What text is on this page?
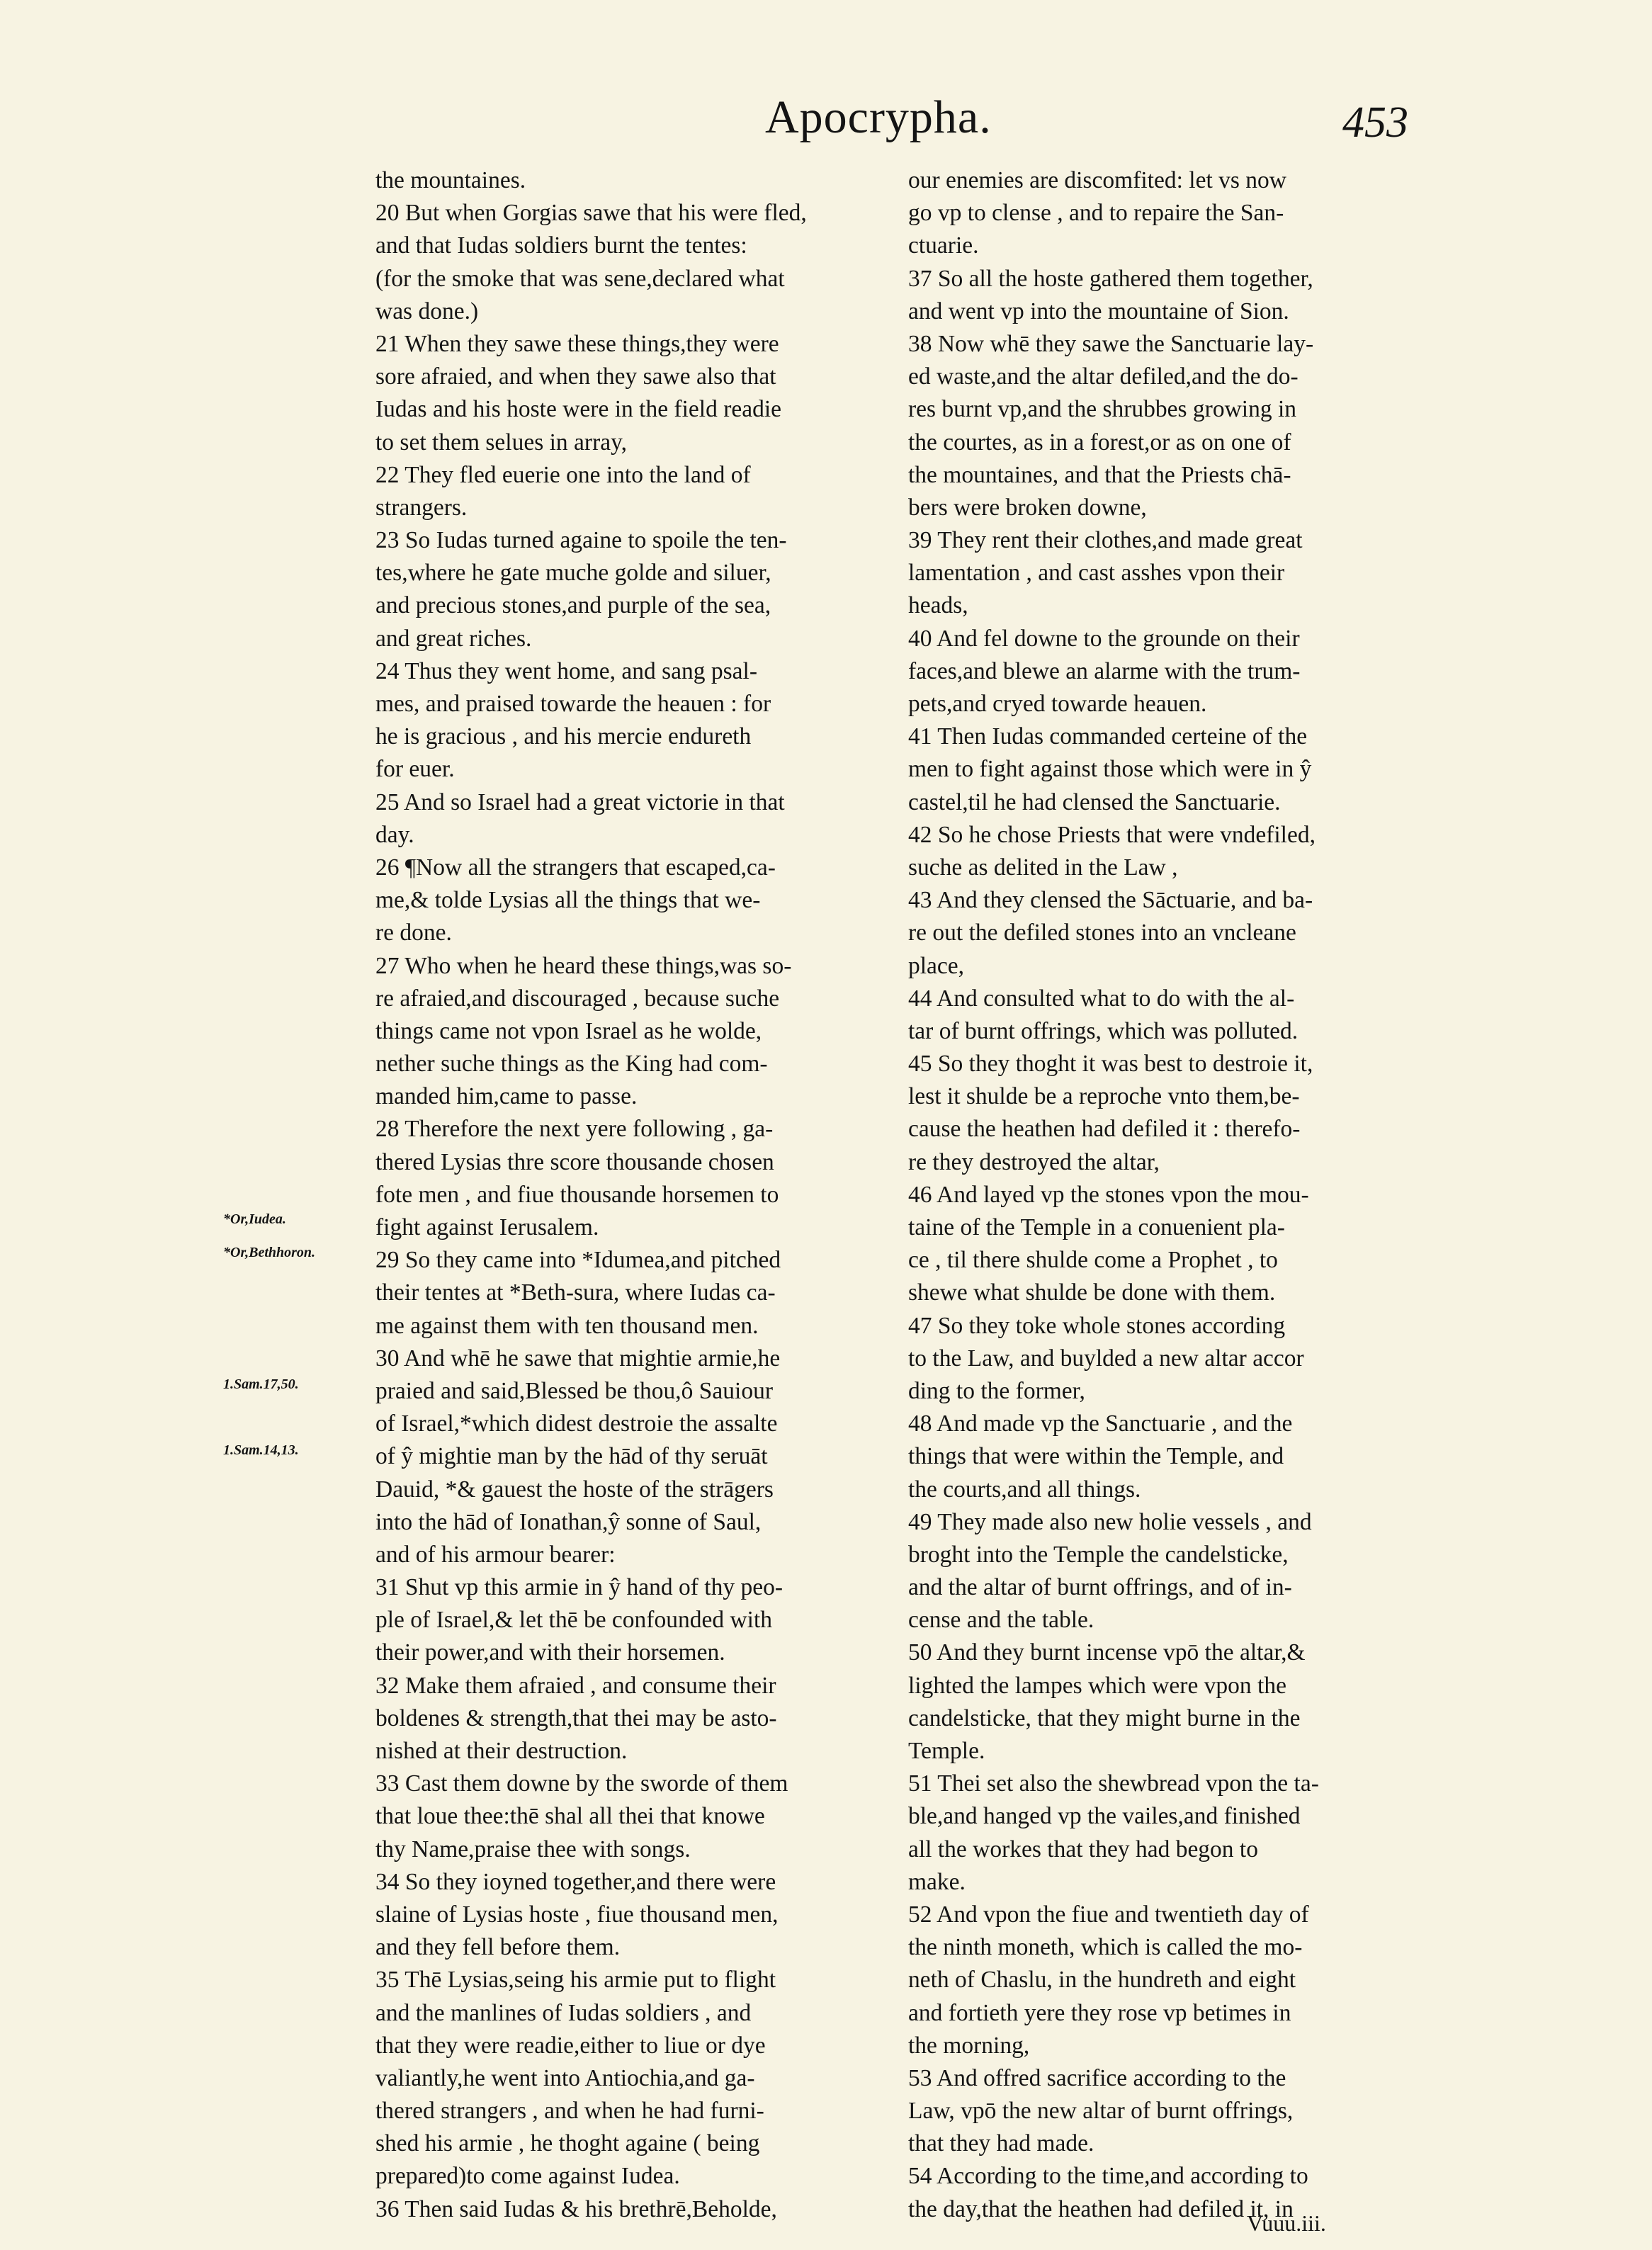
Apocrypha.	453
the mountaines.
20 But when Gorgias sawe that his were fled,
and that Iudas soldiers burnt the tentes:
(for the smoke that was sene,declared what
was done.)
21 When they sawe these things,they were
sore afraied, and when they sawe also that
Iudas and his hoste were in the field readie
to set them selues in array,
22 They fled euerie one into the land of
strangers.
23 So Iudas turned againe to spoile the ten-
tes,where he gate muche golde and siluer,
and precious stones,and purple of the sea,
and great riches.
24 Thus they went home, and sang psal-
mes, and praised towarde the heauen : for
he is gracious , and his mercie endureth
for euer.
25 And so Israel had a great victorie in that
day.
26 ¶Now all the strangers that escaped,ca-
me,& tolde Lysias all the things that we-
re done.
27 Who when he heard these things,was so-
re afraied,and discouraged , because suche
things came not vpon Israel as he wolde,
nether suche things as the King had com-
manded him,came to passe.
28 Therefore the next yere following , ga-
thered Lysias thre score thousande chosen
fote men , and fiue thousande horsemen to
fight against Ierusalem.
29 So they came into *Idumea,and pitched
their tentes at *Beth-sura, where Iudas ca-
me against them with ten thousand men.
30 And whē he sawe that mightie armie,he
praied and said,Blessed be thou,ô Sauiour
of Israel,*which didest destroie the assalte
of ŷ mightie man by the hād of thy seruāt
Dauid, *& gauest the hoste of the strāgers
into the hād of Ionathan,ŷ sonne of Saul,
and of his armour bearer:
31 Shut vp this armie in ŷ hand of thy peo-
ple of Israel,& let thē be confounded with
their power,and with their horsemen.
32 Make them afraied , and consume their
boldenes & strength,that thei may be asto-
nished at their destruction.
33 Cast them downe by the sworde of them
that loue thee:thē shal all thei that knowe
thy Name,praise thee with songs.
34 So they ioyned together,and there were
slaine of Lysias hoste , fiue thousand men,
and they fell before them.
35 Thē Lysias,seing his armie put to flight
and the manlines of Iudas soldiers , and
that they were readie,either to liue or dye
valiantly,he went into Antiochia,and ga-
thered strangers , and when he had furni-
shed his armie , he thoght againe ( being
prepared)to come against Iudea.
36 Then said Iudas & his brethrē,Beholde,
our enemies are discomfited: let vs now
go vp to clense , and to repaire the San-
ctuarie.
37 So all the hoste gathered them together,
and went vp into the mountaine of Sion.
38 Now whē they sawe the Sanctuarie lay-
ed waste,and the altar defiled,and the do-
res burnt vp,and the shrubbes growing in
the courtes, as in a forest,or as on one of
the mountaines, and that the Priests chā-
bers were broken downe,
39 They rent their clothes,and made great
lamentation , and cast asshes vpon their
heads,
40 And fel downe to the grounde on their
faces,and blewe an alarme with the trum-
pets,and cryed towarde heauen.
41 Then Iudas commanded certeine of the
men to fight against those which were in ŷ
castel,til he had clensed the Sanctuarie.
42 So he chose Priests that were vndefiled,
suche as delited in the Law ,
43 And they clensed the Sāctuarie, and ba-
re out the defiled stones into an vncleane
place,
44 And consulted what to do with the al-
tar of burnt offrings, which was polluted.
45 So they thoght it was best to destroie it,
lest it shulde be a reproche vnto them,be-
cause the heathen had defiled it : therefo-
re they destroyed the altar,
46 And layed vp the stones vpon the mou-
taine of the Temple in a conuenient pla-
ce , til there shulde come a Prophet , to
shewe what shulde be done with them.
47 So they toke whole stones according
to the Law, and buylded a new altar accor
ding to the former,
48 And made vp the Sanctuarie , and the
things that were within the Temple, and
the courts,and all things.
49 They made also new holie vessels , and
broght into the Temple the candelsticke,
and the altar of burnt offrings, and of in-
cense and the table.
50 And they burnt incense vpō the altar,&
lighted the lampes which were vpon the
candelsticke, that they might burne in the
Temple.
51 Thei set also the shewbread vpon the ta-
ble,and hanged vp the vailes,and finished
all the workes that they had begon to
make.
52 And vpon the fiue and twentieth day of
the ninth moneth, which is called the mo-
neth of Chaslu, in the hundreth and eight
and fortieth yere they rose vp betimes in
the morning,
53 And offred sacrifice according to the
Law, vpō the new altar of burnt offrings,
that they had made.
54 According to the time,and according to
the day,that the heathen had defiled it, in
*Or,Iudea.
*Or,Bethhoron.
1.Sam.17,50.
1.Sam.14,13.
Vuuu.iii.
